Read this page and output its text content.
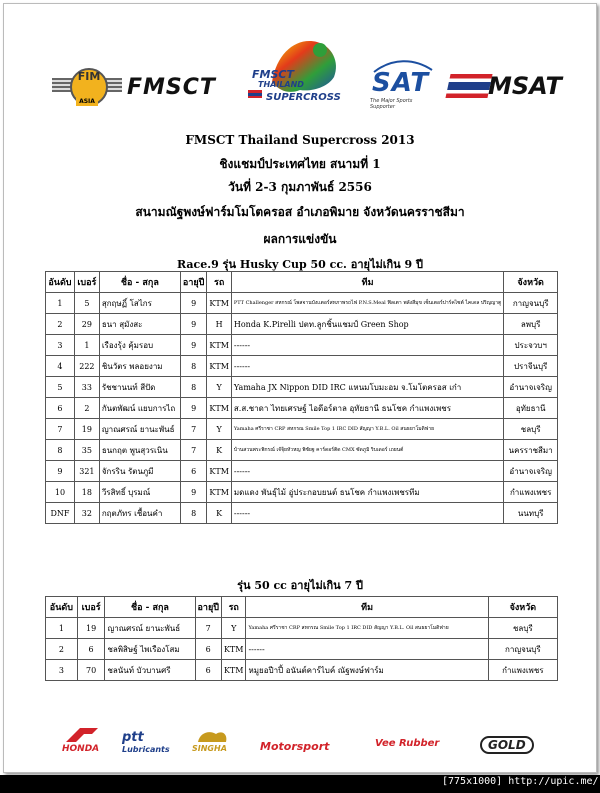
FIM
ASIA
FMSCT
FMSCT
THAILAND
SUPERCROSS SAT
The Major Sports Supporter
MSAT
FMSCT Thailand Supercross 2013
ชิงแชมป์ประเทศไทย สนามที่ 1
วันที่ 2-3 กุมภาพันธ์ 2556
สนามณัฐพงษ์ฟาร์มโมโตครอส อำเภอพิมาย จังหวัดนครราชสีมา
ผลการแข่งขัน
Race.9 รุ่น Husky Cup 50 cc. อายุไม่เกิน 9 ปี
อันดับ	เบอร์	ชื่อ - สกุล	อายุปี	รถ	ทีม	จังหวัด
1	5	สุกฤษฏิ์ โสไกร	9	KTM	PTT Challenger สหกรณ์ โพสจานบังเเตอร์สหภาพรถไฟ P.N.S.Meal ฟิลเตา พลังสีมุข เซ็นเตอร์ปาร์คไซต์ ไคเดล ปริญญาตู	กาญจนบุรี
2	29	ธนา สุมังสะ	9	H	Honda K.Pirelli ปตท.ลูกชิ้นแชมป์ Green Shop	ลพบุรี
3	1	เรืองรุ้ง คุ้มรอบ	9	KTM	------	ประจวบฯ
4	222	ชินวัตร พลอยงาม	8	KTM	------	ปราจีนบุรี
5	33	รัชชานนท์ สีปัด	8	Y	Yamaha JX Nippon DID IRC แหนมโบมะอม จ.โมโตครอส เก๋า	อำนาจเจริญ
6	2	กันตพัฒน์ แยบการไถ	9	KTM	ส.ส.ชาดา ไทยเศรษฐ์ ไอดีอร์ตาล อุทัยธานี ธนโชค กำแพงเพชร	อุทัยธานี
7	19	ญาณศรณ์ ยานะพันธ์	7	Y	Yamaha ศรีราชา CRP สหกรณ Smile Top 1 IRC DID สัญญา Y.B.L. Oil สนธยาโมดิฟาย	ชลบุรี
8	35	ธนกฤต พูนสุวรเนิน	7	K	บ้านสวนพระพิกรณ์ เจ๊จุ้ยหัวหญ พิชัยฐ คาร์ดอร์ติด CMX ซัดภูมิ ริบเดอร์ เถยนต์	นครราชสีมา
9	321	จักรริน รัตนภูมี	6	KTM	------	อำนาจเจริญ
10	18	วีรสิทธิ์ บุรมณ์	9	KTM	มดแดง พันธุ์ไม้ อู่ประกอบยนต์ ธนโชค กำแพงเพชรทีม	กำแพงเพชร
DNF	32	กฤตภัทร เชื้อนคำ	8	K	------	นนทบุรี
รุ่น 50 cc อายุไม่เกิน 7 ปี
อันดับ	เบอร์	ชื่อ - สกุล	อายุปี	รถ	ทีม	จังหวัด
1	19	ญาณศรณ์ ยานะพันธ์	7	Y	Yamaha ศรีราชา CRP สหกรณ Smile Top 1 IRC DID สัญญา Y.B.L. Oil สนธยาโมดิฟาย	ชลบุรี
2	6	ชลพิสิษฐ์ ไพเรืองโสม	6	KTM	------	กาญจนบุรี
3	70	ชลนันท์ บัวบานศรี	6	KTM	หมูยอปีาปี้ อนันต์คาร์ไบค์ ณัฐพงษ์ฟาร์ม	กำแพงเพชร
HONDA
ptt
Lubricants	SINGHA	Motorsport	Vee Rubber	GOLD
[775x1000] http://upic.me/
